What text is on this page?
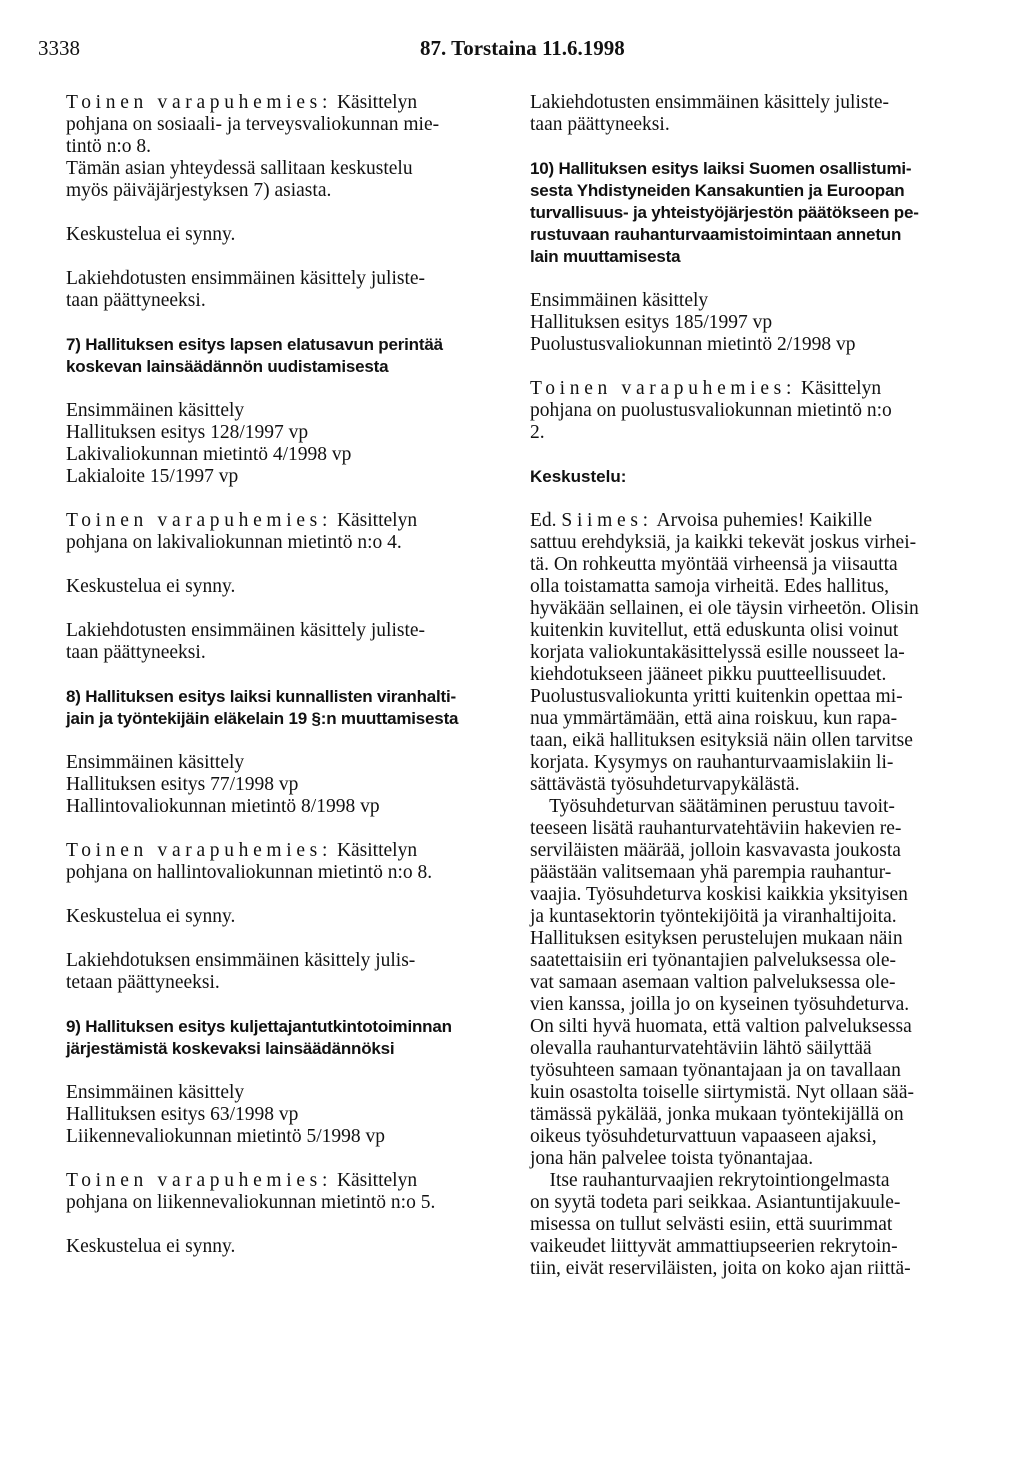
3338	87. Torstaina 11.6.1998
Toinen varapuhemies: Käsittelyn
pohjana on sosiaali- ja terveysvaliokunnan mie-
tintö n:o 8.
Tämän asian yhteydessä sallitaan keskustelu
myös päiväjärjestyksen 7) asiasta.
Keskustelua ei synny.
Lakiehdotusten ensimmäinen käsittely juliste-
taan päättyneeksi.
7) Hallituksen esitys lapsen elatusavun perintää
koskevan lainsäädännön uudistamisesta
Ensimmäinen käsittely
Hallituksen esitys 128/1997 vp
Lakivaliokunnan mietintö 4/1998 vp
Lakialoite 15/1997 vp
Toinen varapuhemies: Käsittelyn
pohjana on lakivaliokunnan mietintö n:o 4.
Keskustelua ei synny.
Lakiehdotusten ensimmäinen käsittely juliste-
taan päättyneeksi.
8) Hallituksen esitys laiksi kunnallisten viranhalti-
jain ja työntekijäin eläkelain 19 §:n muuttamisesta
Ensimmäinen käsittely
Hallituksen esitys 77/1998 vp
Hallintovaliokunnan mietintö 8/1998 vp
Toinen varapuhemies: Käsittelyn
pohjana on hallintovaliokunnan mietintö n:o 8.
Keskustelua ei synny.
Lakiehdotuksen ensimmäinen käsittely julis-
tetaan päättyneeksi.
9) Hallituksen esitys kuljettajantutkintotoiminnan
järjestämistä koskevaksi lainsäädännöksi
Ensimmäinen käsittely
Hallituksen esitys 63/1998 vp
Liikennevaliokunnan mietintö 5/1998 vp
Toinen varapuhemies: Käsittelyn
pohjana on liikennevaliokunnan mietintö n:o 5.
Keskustelua ei synny.
Lakiehdotusten ensimmäinen käsittely juliste-
taan päättyneeksi.
10) Hallituksen esitys laiksi Suomen osallistumi-
sesta Yhdistyneiden Kansakuntien ja Euroopan
turvallisuus- ja yhteistyöjärjestön päätökseen pe-
rustuvaan rauhanturvaamistoimintaan annetun
lain muuttamisesta
Ensimmäinen käsittely
Hallituksen esitys 185/1997 vp
Puolustusvaliokunnan mietintö 2/1998 vp
Toinen varapuhemies: Käsittelyn
pohjana on puolustusvaliokunnan mietintö n:o
2.
Keskustelu:
Ed. Siimes: Arvoisa puhemies! Kaikille
sattuu erehdyksiä, ja kaikki tekevät joskus virhei-
tä. On rohkeutta myöntää virheensä ja viisautta
olla toistamatta samoja virheitä. Edes hallitus,
hyväkään sellainen, ei ole täysin virheetön. Olisin
kuitenkin kuvitellut, että eduskunta olisi voinut
korjata valiokuntakäsittelyssä esille nousseet la-
kiehdotukseen jääneet pikku puutteellisuudet.
Puolustusvaliokunta yritti kuitenkin opettaa mi-
nua ymmärtämään, että aina roiskuu, kun rapa-
taan, eikä hallituksen esityksiä näin ollen tarvitse
korjata. Kysymys on rauhanturvaamislakiin li-
sättävästä työsuhdeturvapykälästä.
Työsuhdeturvan säätäminen perustuu tavoit-
teeseen lisätä rauhanturvatehtäviin hakevien re-
serviläisten määrää, jolloin kasvavasta joukosta
päästään valitsemaan yhä parempia rauhantur-
vaajia. Työsuhdeturva koskisi kaikkia yksityisen
ja kuntasektorin työntekijöitä ja viranhaltijoita.
Hallituksen esityksen perustelujen mukaan näin
saatettaisiin eri työnantajien palveluksessa ole-
vat samaan asemaan valtion palveluksessa ole-
vien kanssa, joilla jo on kyseinen työsuhdeturva.
On silti hyvä huomata, että valtion palveluksessa
olevalla rauhanturvatehtäviin lähtö säilyttää
työsuhteen samaan työnantajaan ja on tavallaan
kuin osastolta toiselle siirtymistä. Nyt ollaan sää-
tämässä pykälää, jonka mukaan työntekijällä on
oikeus työsuhdeturvattuun vapaaseen ajaksi,
jona hän palvelee toista työnantajaa.
Itse rauhanturvaajien rekrytointiongelmasta
on syytä todeta pari seikkaa. Asiantuntijakuule-
misessa on tullut selvästi esiin, että suurimmat
vaikeudet liittyvät ammattiupseerien rekrytoin-
tiin, eivät reserviläisten, joita on koko ajan riittä-
